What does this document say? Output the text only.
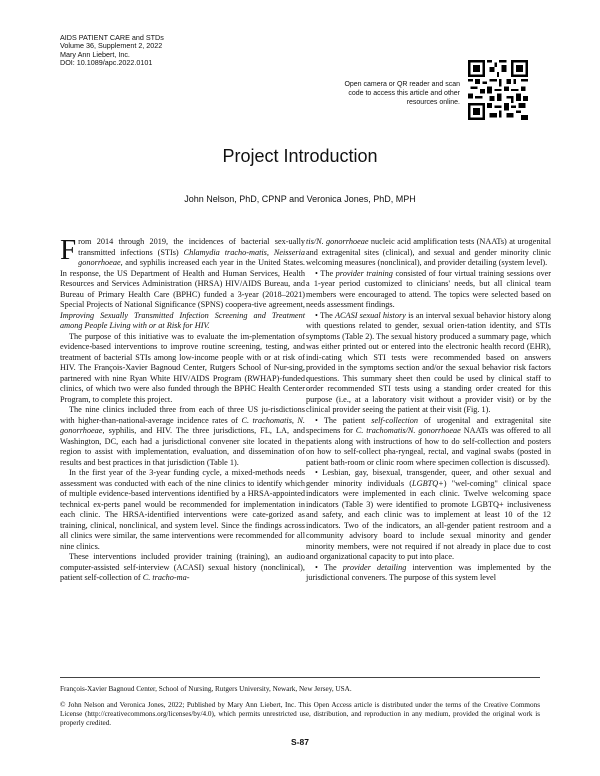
AIDS PATIENT CARE and STDs
Volume 36, Supplement 2, 2022
Mary Ann Liebert, Inc.
DOI: 10.1089/apc.2022.0101
Open camera or QR reader and scan code to access this article and other resources online.
Project Introduction
John Nelson, PhD, CPNP and Veronica Jones, PhD, MPH

From 2014 through 2019, the incidences of bacterial sex-ually transmitted infections (STIs) Chlamydia tracho-matis, Neisseria gonorrhoeae, and syphilis increased each year in the United States. In response, the US Department of Health and Human Services, Health Resources and Services Administration (HRSA) HIV/AIDS Bureau, and Bureau of Primary Health Care (BPHC) funded a 3-year (2018–2021) Special Projects of National Significance (SPNS) coopera-tive agreement, Improving Sexually Transmitted Infection Screening and Treatment among People Living with or at Risk for HIV.

The purpose of this initiative was to evaluate the im-plementation of evidence-based interventions to improve routine screening, testing, and treatment of bacterial STIs among low-income people with or at risk of HIV. The François-Xavier Bagnoud Center, Rutgers School of Nur-sing, partnered with nine Ryan White HIV/AIDS Program (RWHAP)-funded clinics, of which two were also funded through the BPHC Health Center Program, to complete this project.

The nine clinics included three from each of three US ju-risdictions with higher-than-national-average incidence rates of C. trachomatis, N. gonorrhoeae, syphilis, and HIV. The three jurisdictions, FL, LA, and Washington, DC, each had a jurisdictional convener site located in the region to assist with implementation, evaluation, and dissemination of results and best practices in that jurisdiction (Table 1).

In the first year of the 3-year funding cycle, a mixed-methods needs assessment was conducted with each of the nine clinics to identify which of multiple evidence-based interventions identified by a HRSA-appointed technical ex-perts panel would be recommended for implementation in each clinic. The HRSA-identified interventions were cate-gorized as training, clinical, nonclinical, and system level. Since the findings across all clinics were similar, the same interventions were recommended for all nine clinics.

These interventions included provider training (training), an audio computer-assisted self-interview (ACASI) sexual history (nonclinical), patient self-collection of C. tracho-ma-

tis/N. gonorrhoeae nucleic acid amplification tests (NAATs) at urogenital and extragenital sites (clinical), and sexual and gender minority clinic welcoming measures (nonclinical), and provider detailing (system level).

• The provider training consisted of four virtual training sessions over a 1-year period customized to clinicians' needs, but all clinical team members were encouraged to attend. The topics were selected based on needs assessment findings.

• The ACASI sexual history is an interval sexual behavior history along with questions related to gender, sexual orien-tation identity, and STIs symptoms (Table 2). The sexual history produced a summary page, which was either printed out or entered into the electronic health record (EHR), indi-cating which STI tests were recommended based on answers provided in the symptoms section and/or the sexual behavior risk factors questions. This summary sheet then could be used by clinical staff to order recommended STI tests using a standing order created for this purpose (i.e., at a laboratory visit without a provider visit) or by the clinical provider seeing the patient at their visit (Fig. 1).

• The patient self-collection of urogenital and extragenital site specimens for C. trachomatis/N. gonorrhoeae NAATs was offered to all patients along with instructions of how to do self-collection and posters on how to self-collect pha-ryngeal, rectal, and vaginal swabs (posted in patient bath-room or clinic room where specimen collection is discussed).

• Lesbian, gay, bisexual, transgender, queer, and other sexual and gender minority individuals (LGBTQ+) "wel-coming" clinical space indicators were implemented in each clinic. Twelve welcoming space indicators (Table 3) were identified to promote LGBTQ+ inclusiveness and safety, and each clinic was to implement at least 10 of the 12 indicators. Two of the indicators, an all-gender patient restroom and a community advisory board to include sexual minority and gender minority members, were not required if not already in place due to cost and organizational capacity to put into place.

• The provider detailing intervention was implemented by the jurisdictional conveners. The purpose of this system level

François-Xavier Bagnoud Center, School of Nursing, Rutgers University, Newark, New Jersey, USA.

© John Nelson and Veronica Jones, 2022; Published by Mary Ann Liebert, Inc. This Open Access article is distributed under the terms of the Creative Commons License (http://creativecommons.org/licenses/by/4.0), which permits unrestricted use, distribution, and reproduction in any medium, provided the original work is properly credited.

S-87
